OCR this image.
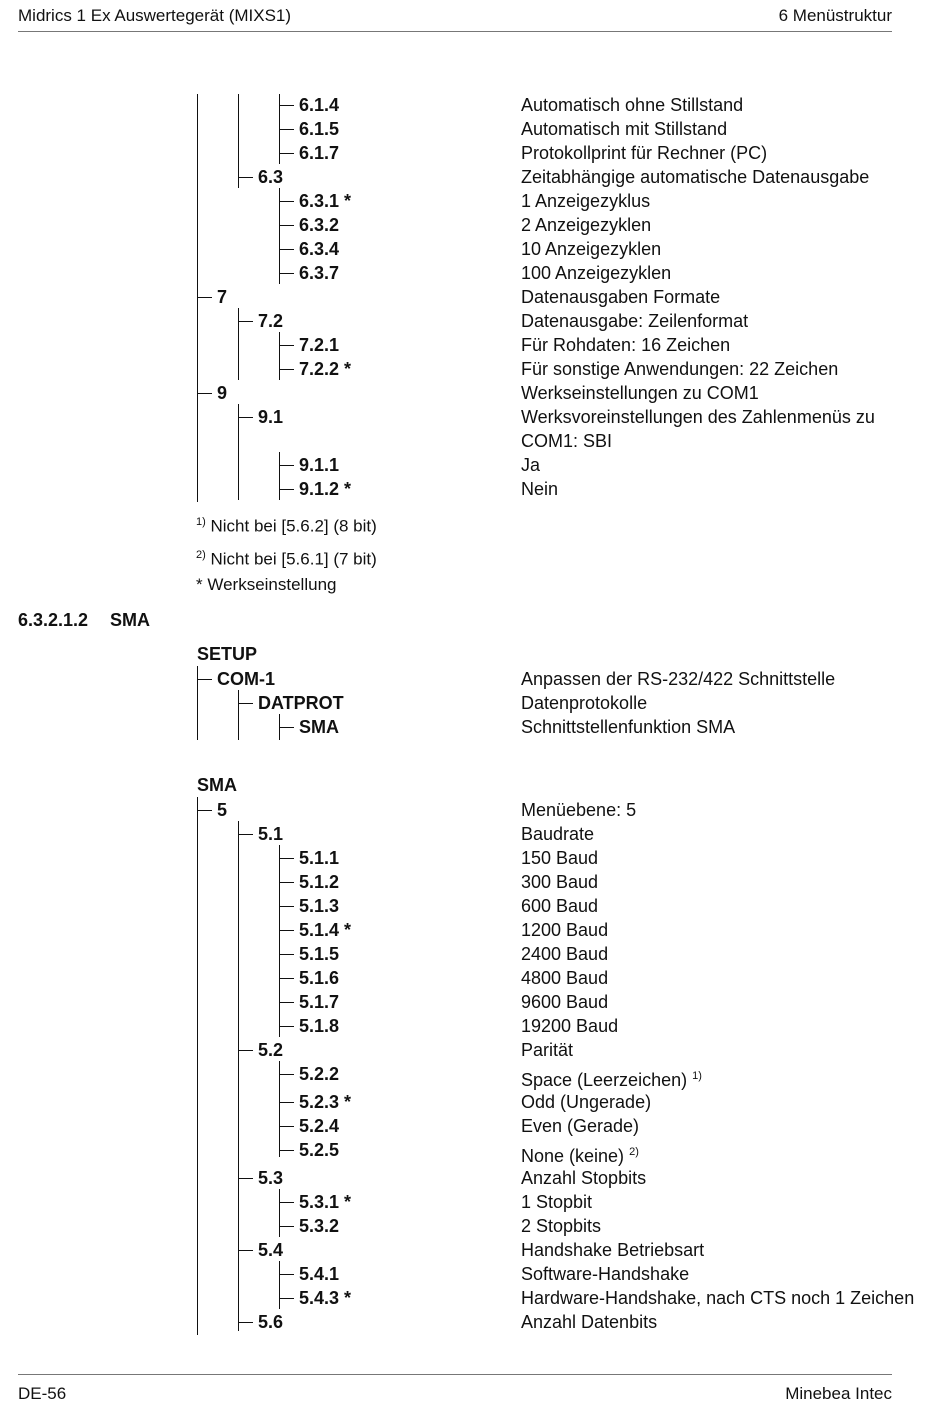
Midrics 1 Ex Auswertegerät (MIXS1)	6 Menüstruktur
6.1.4	Automatisch ohne Stillstand
6.1.5	Automatisch mit Stillstand
6.1.7	Protokollprint für Rechner (PC)
6.3	Zeitabhängige automatische Datenausgabe
6.3.1 *	1 Anzeigezyklus
6.3.2	2 Anzeigezyklen
6.3.4	10 Anzeigezyklen
6.3.7	100 Anzeigezyklen
7	Datenausgaben Formate
7.2	Datenausgabe: Zeilenformat
7.2.1	Für Rohdaten: 16 Zeichen
7.2.2 *	Für sonstige Anwendungen: 22 Zeichen
9	Werkseinstellungen zu COM1
9.1	Werksvoreinstellungen des Zahlenmenüs zu
COM1: SBI
9.1.1	Ja
9.1.2 *	Nein
$^{1)}$ Nicht bei [5.6.2] (8 bit)
$^{2)}$ Nicht bei [5.6.1] (7 bit)
* Werkseinstellung
6.3.2.1.2 SMA
SETUP
COM-1	Anpassen der RS-232/422 Schnittstelle
DATPROT	Datenprotokolle
SMA	Schnittstellenfunktion SMA
SMA
5	Menüebene: 5
5.1	Baudrate
5.1.1	150 Baud
5.1.2	300 Baud
5.1.3	600 Baud
5.1.4 *	1200 Baud
5.1.5	2400 Baud
5.1.6	4800 Baud
5.1.7	9600 Baud
5.1.8	19200 Baud
5.2	Parität
5.2.2	Space (Leerzeichen) $^{1)}$
5.2.3 *	Odd (Ungerade)
5.2.4	Even (Gerade)
5.2.5	None (keine) $^{2)}$
5.3	Anzahl Stopbits
5.3.1 *	1 Stopbit
5.3.2	2 Stopbits
5.4	Handshake Betriebsart
5.4.1	Software-Handshake
5.4.3 *	Hardware-Handshake, nach CTS noch 1 Zeichen
5.6	Anzahl Datenbits
DE-56	Minebea Intec
